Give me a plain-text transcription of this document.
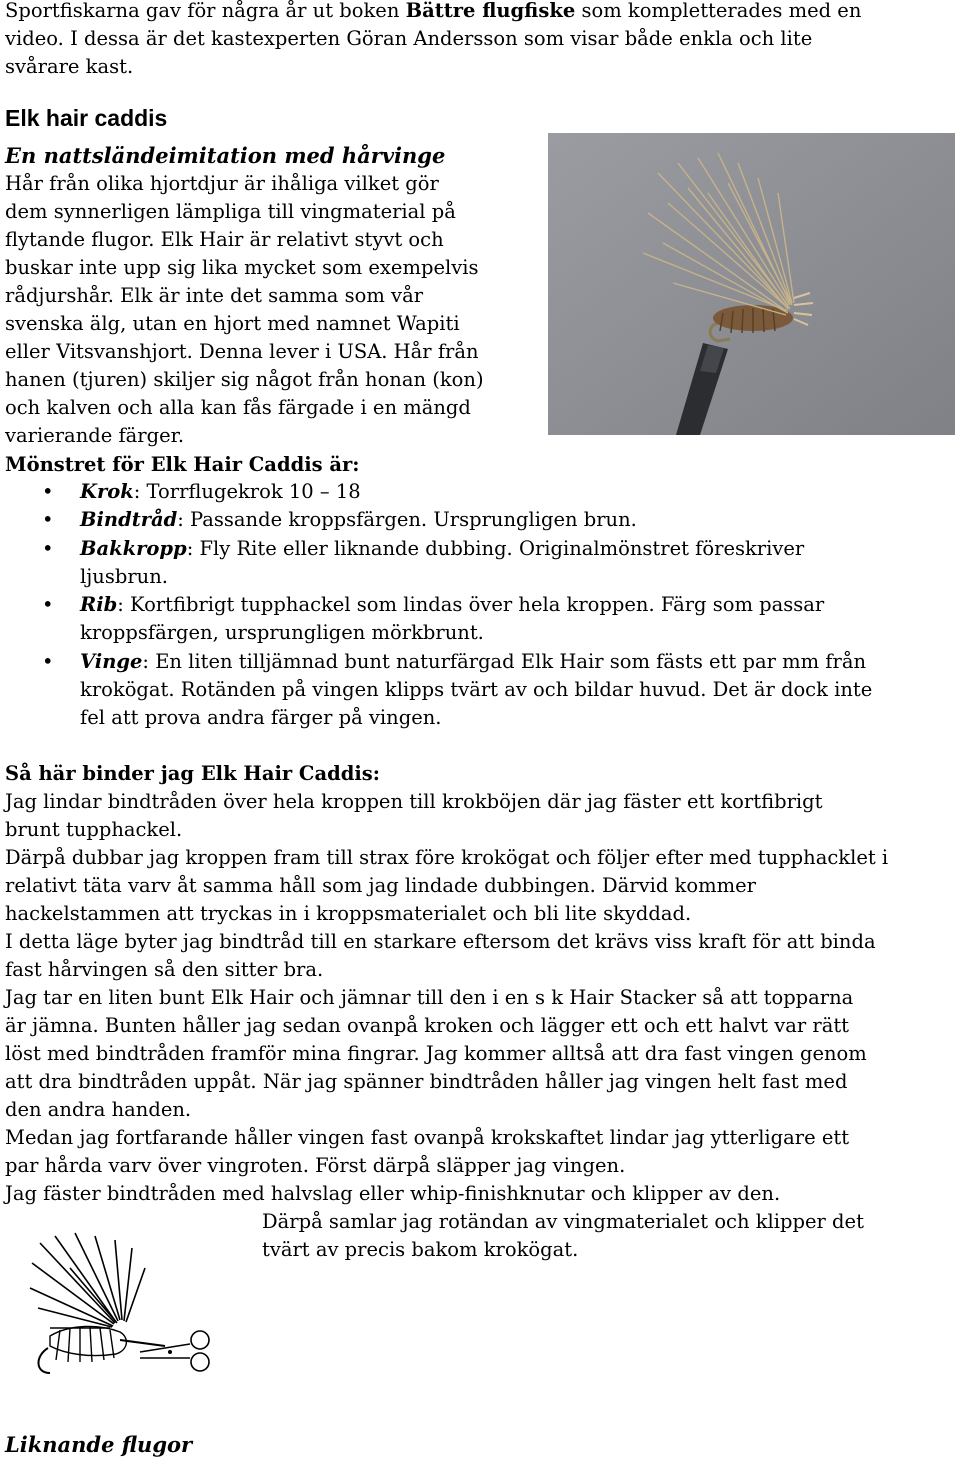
Sportfiskarna gav för några år ut boken Bättre flugfiske som kompletterades med en
video. I dessa är det kastexperten Göran Andersson som visar både enkla och lite
svårare kast.
Elk hair caddis
En nattsländeimitation med hårvinge
Hår från olika hjortdjur är ihåliga vilket gör
dem synnerligen lämpliga till vingmaterial på
flytande flugor. Elk Hair är relativt styvt och
buskar inte upp sig lika mycket som exempelvis
rådjurshår. Elk är inte det samma som vår
svenska älg, utan en hjort med namnet Wapiti
eller Vitsvanshjort. Denna lever i USA. Hår från
hanen (tjuren) skiljer sig något från honan (kon)
och kalven och alla kan fås färgade i en mängd
varierande färger.
Mönstret för Elk Hair Caddis är:
• Krok: Torrflugekrok 10 – 18
• Bindtråd: Passande kroppsfärgen. Ursprungligen brun.
• Bakkropp: Fly Rite eller liknande dubbing. Originalmönstret föreskriver
ljusbrun.
• Rib: Kortfibrigt tupphackel som lindas över hela kroppen. Färg som passar
kroppsfärgen, ursprungligen mörkbrunt.
• Vinge: En liten tilljämnad bunt naturfärgad Elk Hair som fästs ett par mm från
krokögat. Rotänden på vingen klipps tvärt av och bildar huvud. Det är dock inte
fel att prova andra färger på vingen.
Så här binder jag Elk Hair Caddis:
Jag lindar bindtråden över hela kroppen till krokböjen där jag fäster ett kortfibrigt
brunt tupphackel.
Därpå dubbar jag kroppen fram till strax före krokögat och följer efter med tupphacklet i
relativt täta varv åt samma håll som jag lindade dubbingen. Därvid kommer
hackelstammen att tryckas in i kroppsmaterialet och bli lite skyddad.
I detta läge byter jag bindtråd till en starkare eftersom det krävs viss kraft för att binda
fast hårvingen så den sitter bra.
Jag tar en liten bunt Elk Hair och jämnar till den i en s k Hair Stacker så att topparna
är jämna. Bunten håller jag sedan ovanpå kroken och lägger ett och ett halvt var rätt
löst med bindtråden framför mina fingrar. Jag kommer alltså att dra fast vingen genom
att dra bindtråden uppåt. När jag spänner bindtråden håller jag vingen helt fast med
den andra handen.
Medan jag fortfarande håller vingen fast ovanpå krokskaftet lindar jag ytterligare ett
par hårda varv över vingroten. Först därpå släpper jag vingen.
Jag fäster bindtråden med halvslag eller whip-finishknutar och klipper av den.
Därpå samlar jag rotändan av vingmaterialet och klipper det
tvärt av precis bakom krokögat.
Liknande flugor
